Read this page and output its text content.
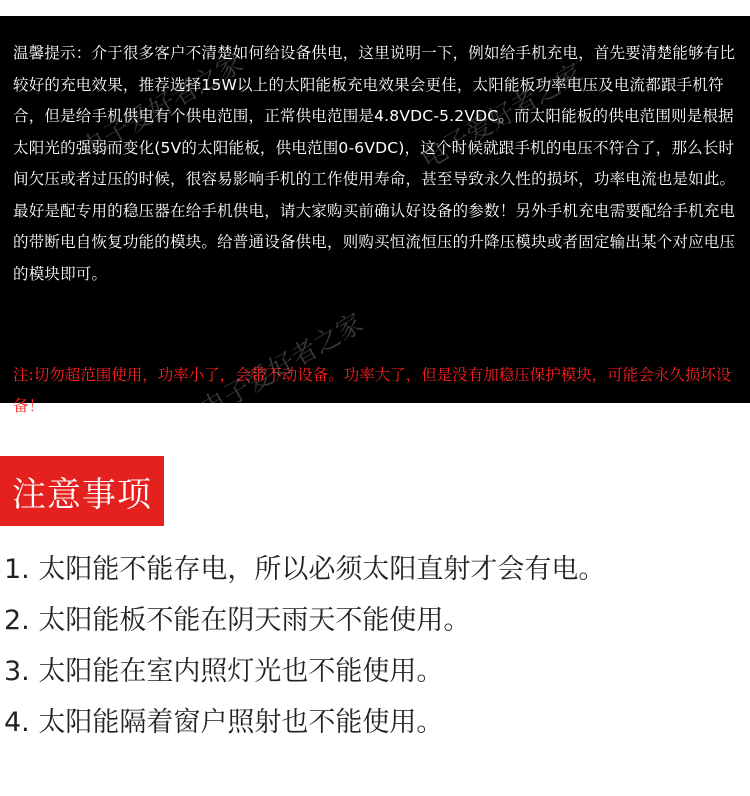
温馨提示：介于很多客户不清楚如何给设备供电，这里说明一下，例如给手机充电，首先要清楚能够有比较好的充电效果，推荐选择15W以上的太阳能板充电效果会更佳，太阳能板功率电压及电流都跟手机符合，但是给手机供电有个供电范围，正常供电范围是4.8VDC-5.2VDC。而太阳能板的供电范围则是根据太阳光的强弱而变化(5V的太阳能板，供电范围0-6VDC)，这个时候就跟手机的电压不符合了，那么长时间欠压或者过压的时候，很容易影响手机的工作使用寿命，甚至导致永久性的损坏，功率电流也是如此。最好是配专用的稳压器在给手机供电，请大家购买前确认好设备的参数！另外手机充电需要配给手机充电的带断电自恢复功能的模块。给普通设备供电，则购买恒流恒压的升降压模块或者固定输出某个对应电压的模块即可。

注:切勿超范围使用，功率小了，会带不动设备。功率大了，但是没有加稳压保护模块，可能会永久损坏设备！

电子爱好者之家	电子爱好者之家
电子爱好者之家
注意事项
1. 太阳能不能存电，所以必须太阳直射才会有电。
2. 太阳能板不能在阴天雨天不能使用。
3. 太阳能在室内照灯光也不能使用。
4. 太阳能隔着窗户照射也不能使用。
